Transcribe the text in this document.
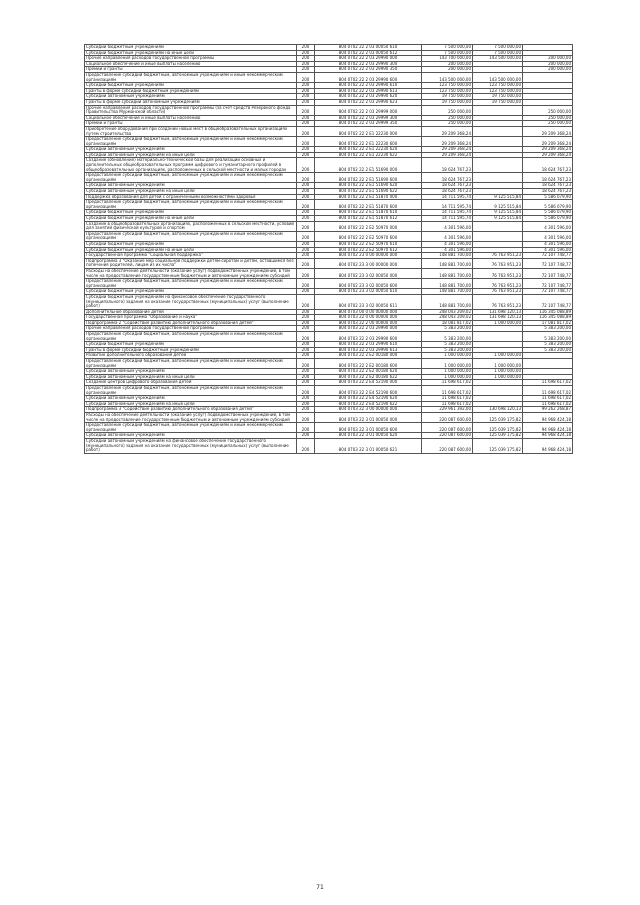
Субсидии бюджетным учреждениям	200	804 0702 22 2 03 00050 610	7 500 000,00	7 500 000,00	
Субсидии бюджетным учреждениям на иные цели	200	804 0702 22 2 03 00050 612	7 500 000,00	7 500 000,00	
Прочие направления расходов государственной программы	200	804 0702 22 2 03 29990 000	143 700 000,00	143 500 000,00	200 000,00
Социальное обеспечение и иные выплаты населению	200	804 0702 22 2 03 29990 300	200 000,00		200 000,00
Премии и гранты	200	804 0702 22 2 03 29990 350	200 000,00		200 000,00
Предоставление субсидий бюджетным, автономным учреждениям и иным некоммерческим организациям	200	804 0702 22 2 03 29990 600	143 500 000,00	143 500 000,00	
Субсидии бюджетным учреждениям	200	804 0702 22 2 03 29990 610	123 750 000,00	123 750 000,00	
Гранты в форме субсидии бюджетным учреждениям	200	804 0702 22 2 03 29990 613	123 750 000,00	123 750 000,00	
Субсидии автономным учреждениям	200	804 0702 22 2 03 29990 620	19 750 000,00	19 750 000,00	
Гранты в форме субсидии автономным учреждениям	200	804 0702 22 2 03 29990 623	19 750 000,00	19 750 000,00	
Прочие направления расходов государственной программы (за счет средств Резервного фонда Правительства Мурманской области)	200	804 0702 22 2 03 29999 000	250 000,00		250 000,00
Социальное обеспечение и иные выплаты населению	200	804 0702 22 2 03 29999 300	250 000,00		250 000,00
Премии и гранты	200	804 0702 22 2 03 29999 350	250 000,00		250 000,00
Приобретение оборудования при создании новых мест в общеобразовательных организациях путем строительства	200	804 0702 22 2 E1 22230 000	29 209 368,24		29 209 368,24
Предоставление субсидий бюджетным, автономным учреждениям и иным некоммерческим организациям	200	804 0702 22 2 E1 22230 600	29 209 368,24		29 209 368,24
Субсидии автономным учреждениям	200	804 0702 22 2 E1 22230 620	29 209 368,24		29 209 368,24
Субсидии автономным учреждениям на иные цели	200	804 0702 22 2 E1 22230 622	29 209 368,24		29 209 368,24
Создание (обновление) материально-технической базы для реализации основных и дополнительных общеобразовательных программ цифрового и гуманитарного профилей в общеобразовательных организациях, расположенных в сельской местности и малых городах	200	804 0702 22 2 E1 51690 000	18 624 767,23		18 624 767,23
Предоставление субсидий бюджетным, автономным учреждениям и иным некоммерческим организациям	200	804 0702 22 2 E1 51690 600	18 624 767,23		18 624 767,23
Субсидии автономным учреждениям	200	804 0702 22 2 E1 51690 620	18 624 767,23		18 624 767,23
Субсидии автономным учреждениям на иные цели	200	804 0702 22 2 E1 51690 622	18 624 767,23		18 624 767,23
Поддержка образования для детей с ограниченными возможностями здоровья	200	804 0702 22 2 E1 51870 000	14 711 595,74	9 125 515,84	5 586 079,90
Предоставление субсидий бюджетным, автономным учреждениям и иным некоммерческим организациям	200	804 0702 22 2 E1 51870 600	14 711 595,74	9 125 515,84	5 586 079,90
Субсидии бюджетным учреждениям	200	804 0702 22 2 E1 51870 610	14 711 595,74	9 125 515,84	5 586 079,90
Субсидии бюджетным учреждениям на иные цели	200	804 0702 22 2 E1 51870 612	14 711 595,74	9 125 515,84	5 586 079,90
Создание в общеобразовательных организациях, расположенных в сельской местности, условий для занятий физической культурой и спортом	200	804 0702 22 2 E2 50970 000	4 301 596,00		4 301 596,00
Предоставление субсидий бюджетным, автономным учреждениям и иным некоммерческим организациям	200	804 0702 22 2 E2 50970 600	4 301 596,00		4 301 596,00
Субсидии бюджетным учреждениям	200	804 0702 22 2 E2 50970 610	4 301 596,00		4 301 596,00
Субсидии бюджетным учреждениям на иные цели	200	804 0702 22 2 E2 50970 612	4 301 596,00		4 301 596,00
Государственная программа "Социальная поддержка"	200	804 0702 23 0 00 00000 000	148 881 700,00	76 763 951,23	72 107 748,77
Подпрограмма 3 "Оказание мер социальной поддержки детям-сиротам и детям, оставшимся без попечения родителей, лицам из их числа"	200	804 0702 23 3 00 00000 000	148 881 700,00	76 763 951,23	72 107 748,77
Расходы на обеспечение деятельности (оказание услуг) подведомственных учреждений, в том числе на предоставление государственным бюджетным и автономным учреждениям субсидий	200	804 0702 23 3 02 00050 000	148 881 700,00	76 763 951,23	72 107 748,77
Предоставление субсидий бюджетным, автономным учреждениям и иным некоммерческим организациям	200	804 0702 23 3 02 00050 600	148 881 700,00	76 763 951,23	72 107 748,77
Субсидии бюджетным учреждениям	200	804 0702 23 3 02 00050 610	148 881 700,00	76 763 951,23	72 107 748,77
Субсидии бюджетным учреждениям на финансовое обеспечение государственного (муниципального) задания на оказание государственных (муниципальных) услуг (выполнение работ)	200	804 0702 23 3 02 00050 611	148 881 700,00	76 763 951,23	72 107 748,77
Дополнительное образование детей	200	804 0703 00 0 00 00000 000	248 043 209,02	131 698 120,13	116 345 088,89
Государственная программа "Образование и наука"	200	804 0703 22 0 00 00000 000	248 043 209,02	131 698 120,13	116 345 088,89
Подпрограмма 2 "Содействие развитию дополнительного образования детей"	200	804 0703 22 2 00 00000 000	18 081 817,02	1 000 000,00	17 081 817,02
Прочие направления расходов государственной программы	200	804 0703 22 2 03 29990 000	5 383 200,00		5 383 200,00
Предоставление субсидий бюджетным, автономным учреждениям и иным некоммерческим организациям	200	804 0703 22 2 03 29990 600	5 383 200,00		5 383 200,00
Субсидии бюджетным учреждениям	200	804 0703 22 2 03 29990 610	5 383 200,00		5 383 200,00
Гранты в форме субсидии бюджетным учреждениям	200	804 0703 22 2 03 29990 613	5 383 200,00		5 383 200,00
Развитие дополнительного образования детей	200	804 0703 22 2 E2 00180 000	1 000 000,00	1 000 000,00	
Предоставление субсидий бюджетным, автономным учреждениям и иным некоммерческим организациям	200	804 0703 22 2 E2 00180 600	1 000 000,00	1 000 000,00	
Субсидии автономным учреждениям	200	804 0703 22 2 E2 00180 620	1 000 000,00	1 000 000,00	
Субсидии автономным учреждениям на иные цели	200	804 0703 22 2 E2 00180 622	1 000 000,00	1 000 000,00	
Создание центров цифрового образования детей	200	804 0703 22 2 E4 52190 000	11 698 617,02		11 698 617,02
Предоставление субсидий бюджетным, автономным учреждениям и иным некоммерческим организациям	200	804 0703 22 2 E4 52190 600	11 698 617,02		11 698 617,02
Субсидии автономным учреждениям	200	804 0703 22 2 E4 52190 620	11 698 617,02		11 698 617,02
Субсидии автономным учреждениям на иные цели	200	804 0703 22 2 E4 52190 622	11 698 617,02		11 698 617,02
Подпрограмма 3 "Содействие развитию дополнительного образования детей"	200	804 0703 22 3 00 00000 000	229 961 392,00	130 698 120,13	99 262 268,87
Расходы на обеспечение деятельности (оказание услуг) подведомственных учреждений, в том числе на предоставление государственным бюджетным и автономным учреждениям субсидий	200	804 0703 22 3 01 00050 000	220 087 600,00	125 039 175,82	94 968 424,18
Предоставление субсидий бюджетным, автономным учреждениям и иным некоммерческим организациям	200	804 0703 22 3 01 00050 600	220 087 600,00	125 039 175,82	94 968 424,18
Субсидии автономным учреждениям	200	804 0703 22 3 01 00050 620	220 087 600,00	125 039 175,82	94 968 424,18
Субсидии автономным учреждениям на финансовое обеспечение государственного (муниципального) задания на оказание государственных (муниципальных) услуг (выполнение работ)	200	804 0703 22 3 01 00050 621	220 087 600,00	125 039 175,82	94 968 424,18
71
